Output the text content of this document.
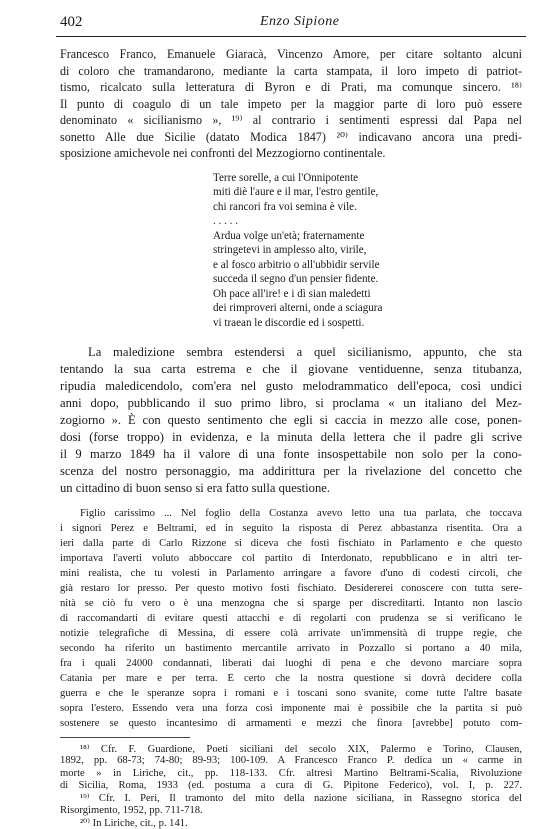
402	Enzo Sipione
Francesco Franco, Emanuele Giaracà, Vincenzo Amore, per citare soltanto alcuni
di coloro che tramandarono, mediante la carta stampata, il loro impeto di patriot-
tismo, ricalcato sulla letteratura di Byron e di Prati, ma comunque sincero. ¹⁸⁾
Il punto di coagulo di un tale impeto per la maggior parte di loro può essere
denominato « sicilianismo », ¹⁹⁾ al contrario i sentimenti espressi dal Papa nel
sonetto Alle due Sicilie (datato Modica 1847) ²⁰⁾ indicavano ancora una predi-
sposizione amichevole nei confronti del Mezzogiorno continentale.
Terre sorelle, a cui l'Onnipotente
miti diè l'aure e il mar, l'estro gentile,
chi rancori fra voi semina è vile.
. . . . .
Ardua volge un'età; fraternamente
stringetevi in amplesso alto, virile,
e al fosco arbitrio o all'ubbidir servile
succeda il segno d'un pensier fidente.
Oh pace all'ire! e i dì sian maledetti
dei rimproveri alterni, onde a sciagura
vi traean le discordie ed i sospetti.
La maledizione sembra estendersi a quel sicilianismo, appunto, che sta
tentando la sua carta estrema e che il giovane ventiduenne, senza titubanza,
ripudia maledicendolo, com'era nel gusto melodrammatico dell'epoca, così undici
anni dopo, pubblicando il suo primo libro, si proclama « un italiano del Mez-
zogiorno ». È con questo sentimento che egli si caccia in mezzo alle cose, ponen-
dosi (forse troppo) in evidenza, e la minuta della lettera che il padre gli scrive
il 9 marzo 1849 ha il valore di una fonte insospettabile non solo per la cono-
scenza del nostro personaggio, ma addirittura per la rivelazione del concetto che
un cittadino di buon senso si era fatto sulla questione.
Figlio carissimo ... Nel foglio della Costanza avevo letto una tua parlata, che toccava
i signori Perez e Beltrami, ed in seguito la risposta di Perez abbastanza risentita. Ora a
ieri dalla parte di Carlo Rizzone si diceva che fosti fischiato in Parlamento e che questo
importava l'averti voluto abboccare col partito di Interdonato, repubblicano e in altri ter-
mini realista, che tu volesti in Parlamento arringare a favore d'uno di codesti circoli, che
già restaro lor presso. Per questo motivo fosti fischiato. Desidererei conoscere con tutta sere-
nità se ciò fu vero o è una menzogna che si sparge per discreditarti. Intanto non lascio
di raccomandarti di evitare questi attacchi e di regolarti con prudenza se si verificano le
notizie telegrafiche di Messina, di essere colà arrivate un'immensità di truppe regie, che
secondo ha riferito un bastimento mercantile arrivato in Pozzallo si portano a 40 mila,
fra i quali 24000 condannati, liberati dai luoghi di pena e che devono marciare sopra
Catania per mare e per terra. È certo che la nostra questione si dovrà decidere colla
guerra e che le speranze sopra i romani e i toscani sono svanite, come tutte l'altre basate
sopra l'estero. Essendo vera una forza così imponente mai è possibile che la partita si può
sostenere se questo incantesimo di armamenti e mezzi che finora [avrebbe] potuto com-
¹⁸⁾ Cfr. F. Guardione, Poeti siciliani del secolo XIX, Palermo e Torino, Clausen,
1892, pp. 68-73; 74-80; 89-93; 100-109. A Francesco Franco P. dedica un « carme in
morte » in Liriche, cit., pp. 118-133. Cfr. altresì Martino Beltrami-Scalia, Rivoluzione
di Sicilia, Roma, 1933 (ed. postuma a cura di G. Pipitone Federico), vol. I, p. 227.
¹⁹⁾ Cfr. I. Peri, Il tramonto del mito della nazione siciliana, in Rassegno storica del
Risorgimento, 1952, pp. 711-718.
²⁰⁾ In Liriche, cit., p. 141.
